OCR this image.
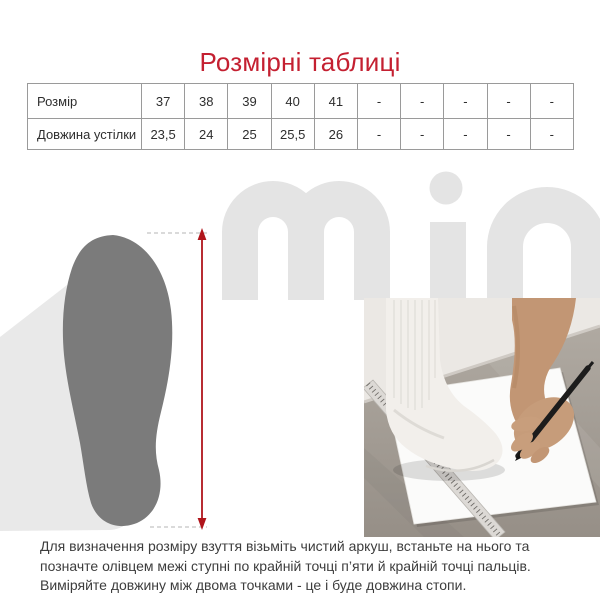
Розмірні таблиці
Розмір	37	38	39	40	41	-	-	-	-	-
Довжина устілки	23,5	24	25	25,5	26	-	-	-	-	-
Для визначення розміру взуття візьміть чистий аркуш, встаньте на нього та
позначте олівцем межі ступні по крайній точці п’яти й крайній точці пальців.
Виміряйте довжину між двома точками - це і буде довжина стопи.
